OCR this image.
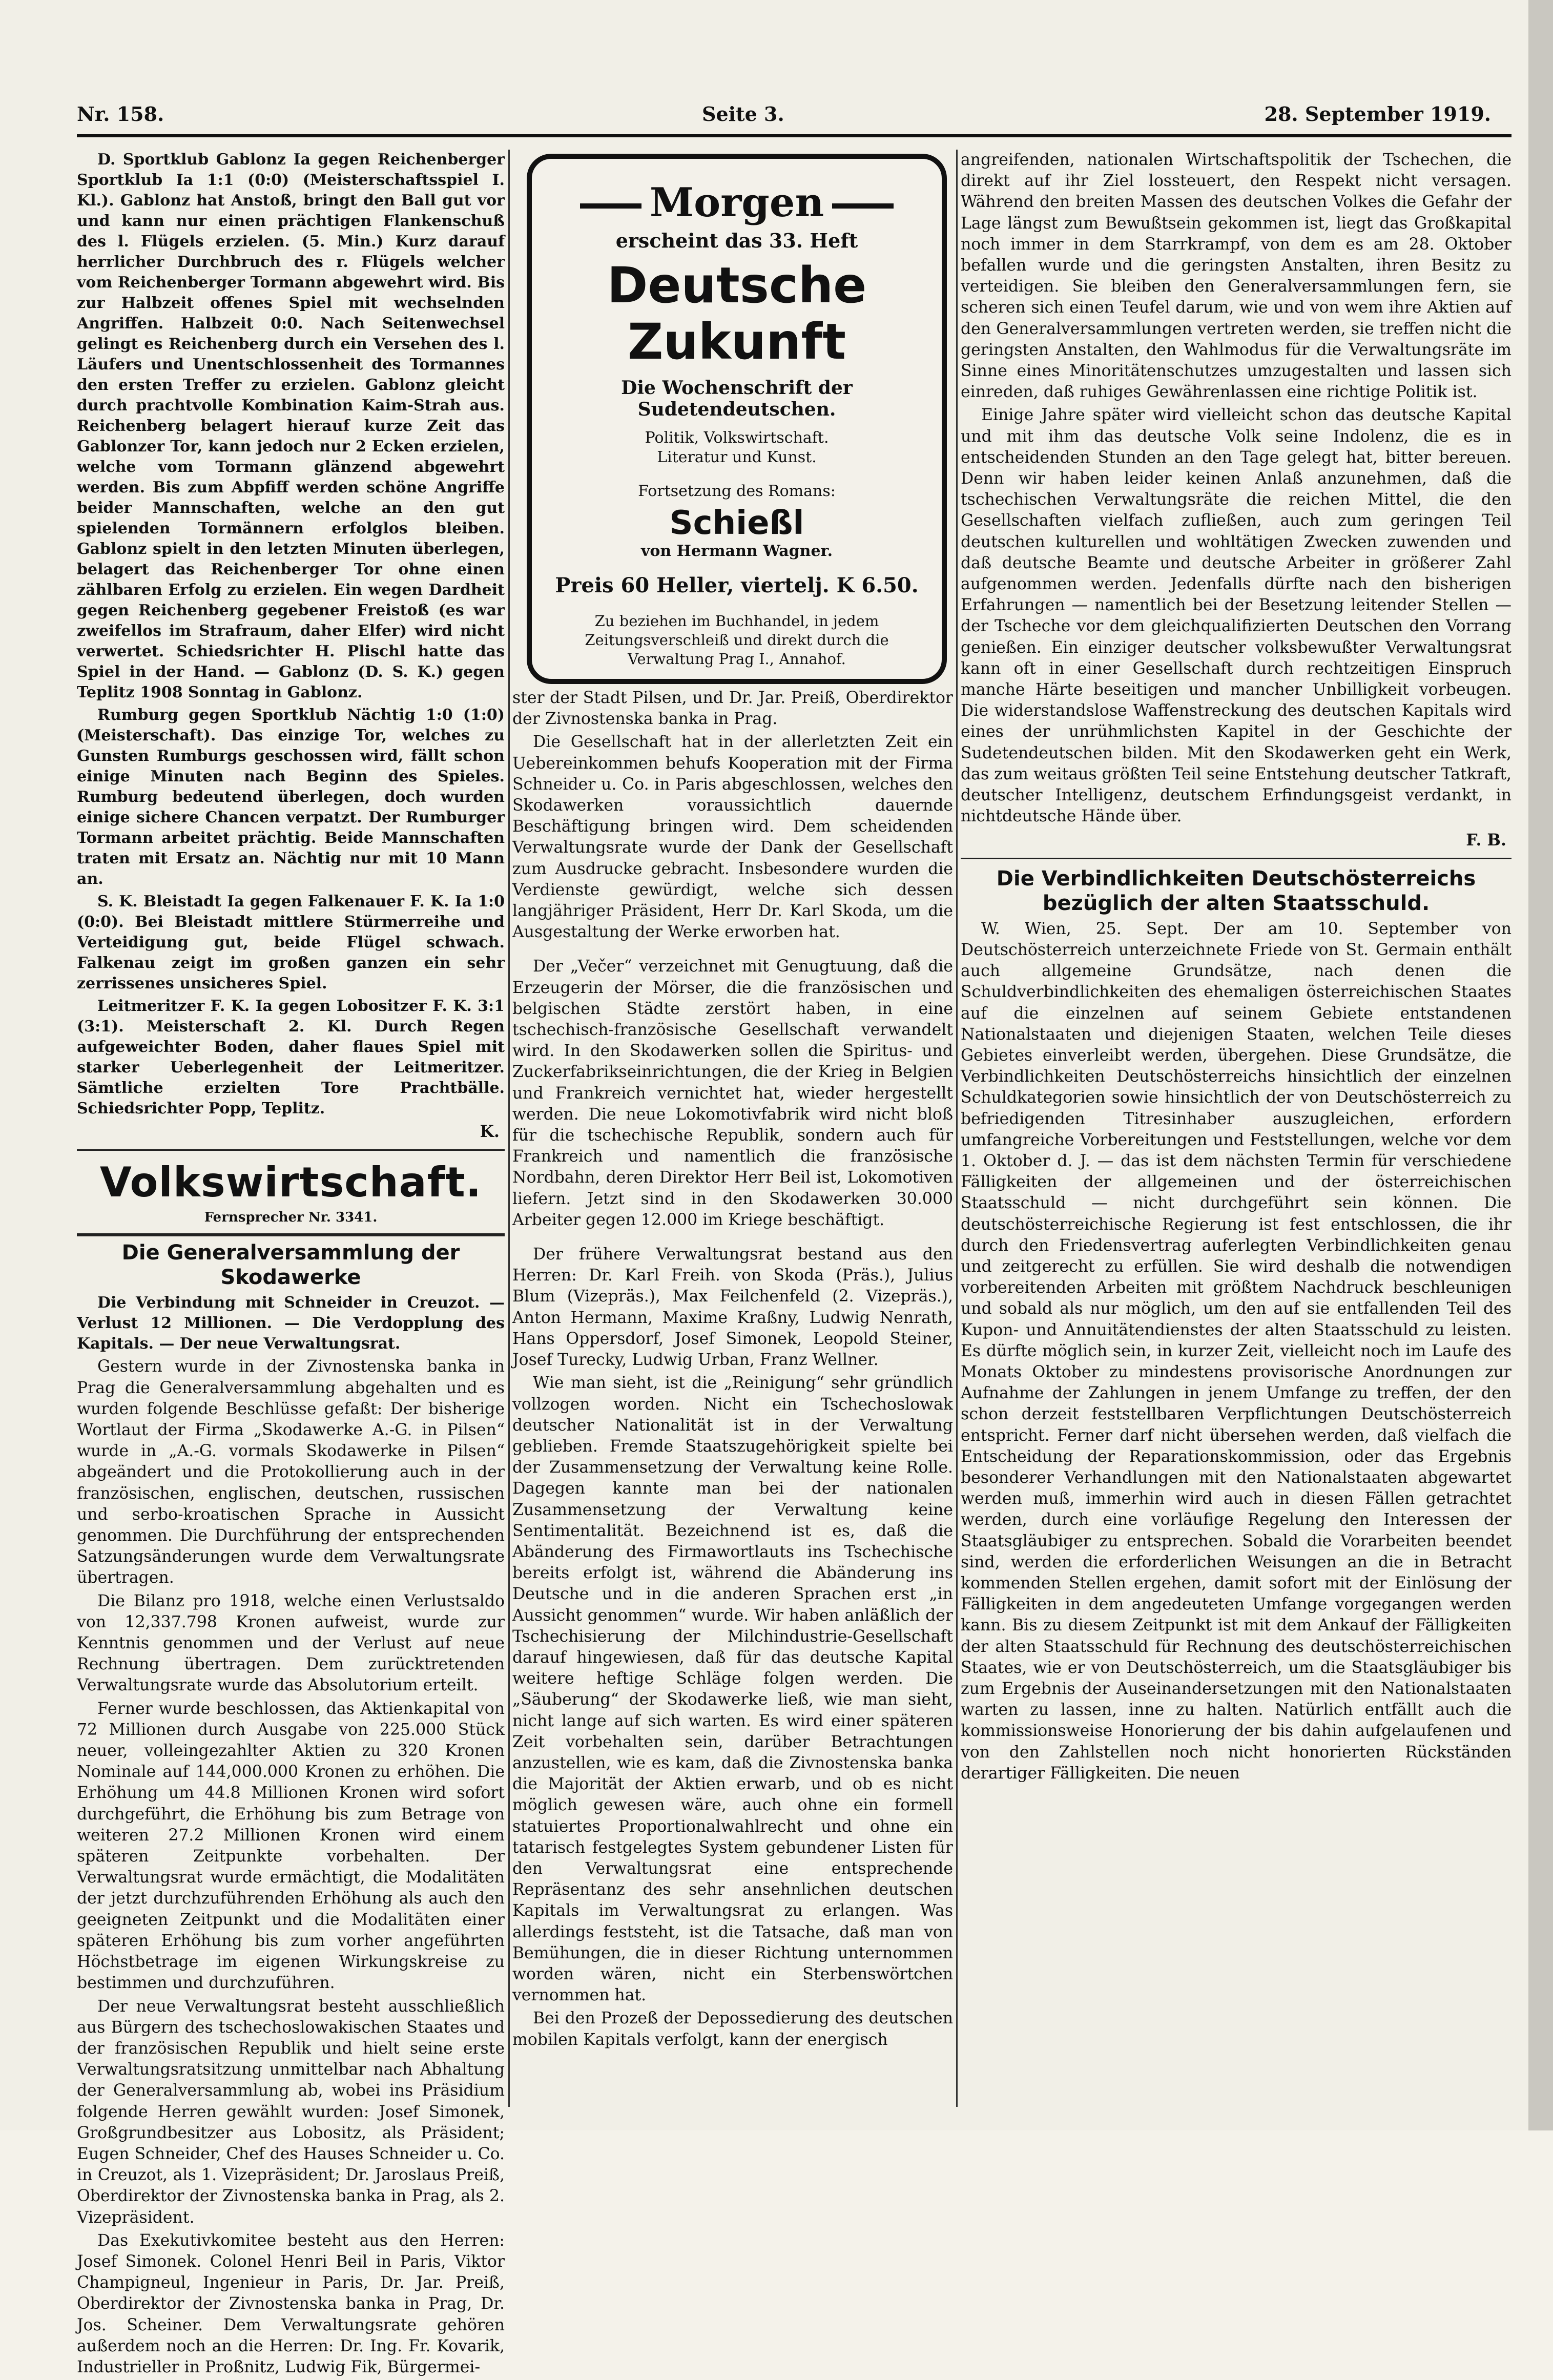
Nr. 158.	Seite 3.	28. September 1919.

D. Sportklub Gablonz Ia gegen Reichenberger Sportklub Ia 1:1 (0:0) (Meisterschaftsspiel I. Kl.). Gablonz hat Anstoß, bringt den Ball gut vor und kann nur einen prächtigen Flankenschuß des l. Flügels erzielen. (5. Min.) Kurz darauf herrlicher Durchbruch des r. Flügels welcher vom Reichenberger Tormann abgewehrt wird. Bis zur Halbzeit offenes Spiel mit wechselnden Angriffen. Halbzeit 0:0. Nach Seitenwechsel gelingt es Reichenberg durch ein Versehen des l. Läufers und Unentschlossenheit des Tormannes den ersten Treffer zu erzielen. Gablonz gleicht durch prachtvolle Kombination Kaim-Strah aus. Reichenberg belagert hierauf kurze Zeit das Gablonzer Tor, kann jedoch nur 2 Ecken erzielen, welche vom Tormann glänzend abgewehrt werden. Bis zum Abpfiff werden schöne Angriffe beider Mannschaften, welche an den gut spielenden Tormännern erfolglos bleiben. Gablonz spielt in den letzten Minuten überlegen, belagert das Reichenberger Tor ohne einen zählbaren Erfolg zu erzielen. Ein wegen Dardheit gegen Reichenberg gegebener Freistoß (es war zweifellos im Strafraum, daher Elfer) wird nicht verwertet. Schiedsrichter H. Plischl hatte das Spiel in der Hand. — Gablonz (D. S. K.) gegen Teplitz 1908 Sonntag in Gablonz.

Rumburg gegen Sportklub Nächtig 1:0 (1:0) (Meisterschaft). Das einzige Tor, welches zu Gunsten Rumburgs geschossen wird, fällt schon einige Minuten nach Beginn des Spieles. Rumburg bedeutend überlegen, doch wurden einige sichere Chancen verpatzt. Der Rumburger Tormann arbeitet prächtig. Beide Mannschaften traten mit Ersatz an. Nächtig nur mit 10 Mann an.

S. K. Bleistadt Ia gegen Falkenauer F. K. Ia 1:0 (0:0). Bei Bleistadt mittlere Stürmerreihe und Verteidigung gut, beide Flügel schwach. Falkenau zeigt im großen ganzen ein sehr zerrissenes unsicheres Spiel.

Leitmeritzer F. K. Ia gegen Lobositzer F. K. 3:1 (3:1). Meisterschaft 2. Kl. Durch Regen aufgeweichter Boden, daher flaues Spiel mit starker Ueberlegenheit der Leitmeritzer. Sämtliche erzielten Tore Prachtbälle. Schiedsrichter Popp, Teplitz.

K.
Volkswirtschaft.
Fernsprecher Nr. 3341.
Die Generalversammlung der Skodawerke

Die Verbindung mit Schneider in Creuzot. — Verlust 12 Millionen. — Die Verdopplung des Kapitals. — Der neue Verwaltungsrat.

Gestern wurde in der Zivnostenska banka in Prag die Generalversammlung abgehalten und es wurden folgende Beschlüsse gefaßt: Der bisherige Wortlaut der Firma „Skodawerke A.-G. in Pilsen“ wurde in „A.-G. vormals Skodawerke in Pilsen“ abgeändert und die Protokollierung auch in der französischen, englischen, deutschen, russischen und serbo-kroatischen Sprache in Aussicht genommen. Die Durchführung der entsprechenden Satzungsänderungen wurde dem Verwaltungsrate übertragen.

Die Bilanz pro 1918, welche einen Verlustsaldo von 12,337.798 Kronen aufweist, wurde zur Kenntnis genommen und der Verlust auf neue Rechnung übertragen. Dem zurücktretenden Verwaltungsrate wurde das Absolutorium erteilt.

Ferner wurde beschlossen, das Aktienkapital von 72 Millionen durch Ausgabe von 225.000 Stück neuer, volleingezahlter Aktien zu 320 Kronen Nominale auf 144,000.000 Kronen zu erhöhen. Die Erhöhung um 44.8 Millionen Kronen wird sofort durchgeführt, die Erhöhung bis zum Betrage von weiteren 27.2 Millionen Kronen wird einem späteren Zeitpunkte vorbehalten. Der Verwaltungsrat wurde ermächtigt, die Modalitäten der jetzt durchzuführenden Erhöhung als auch den geeigneten Zeitpunkt und die Modalitäten einer späteren Erhöhung bis zum vorher angeführten Höchstbetrage im eigenen Wirkungskreise zu bestimmen und durchzuführen.

Der neue Verwaltungsrat besteht ausschließlich aus Bürgern des tschechoslowakischen Staates und der französischen Republik und hielt seine erste Verwaltungsratsitzung unmittelbar nach Abhaltung der Generalversammlung ab, wobei ins Präsidium folgende Herren gewählt wurden: Josef Simonek, Großgrundbesitzer aus Lobositz, als Präsident; Eugen Schneider, Chef des Hauses Schneider u. Co. in Creuzot, als 1. Vizepräsident; Dr. Jaroslaus Preiß, Oberdirektor der Zivnostenska banka in Prag, als 2. Vizepräsident.

Das Exekutivkomitee besteht aus den Herren: Josef Simonek. Colonel Henri Beil in Paris, Viktor Champigneul, Ingenieur in Paris, Dr. Jar. Preiß, Oberdirektor der Zivnostenska banka in Prag, Dr. Jos. Scheiner. Dem Verwaltungsrate gehören außerdem noch an die Herren: Dr. Ing. Fr. Kovarik, Industrieller in Proßnitz, Ludwig Fik, Bürgermei-

Morgen
erscheint das 33. Heft
Deutsche Zukunft
Die Wochenschrift der Sudetendeutschen.
Politik, Volkswirtschaft.
Literatur und Kunst.
Fortsetzung des Romans:
Schießl
von Hermann Wagner.
Preis 60 Heller, viertelj. K 6.50.
Zu beziehen im Buchhandel, in jedem Zeitungsverschleiß und direkt durch die Verwaltung Prag I., Annahof.

ster der Stadt Pilsen, und Dr. Jar. Preiß, Oberdirektor der Zivnostenska banka in Prag.

Die Gesellschaft hat in der allerletzten Zeit ein Uebereinkommen behufs Kooperation mit der Firma Schneider u. Co. in Paris abgeschlossen, welches den Skodawerken voraussichtlich dauernde Beschäftigung bringen wird. Dem scheidenden Verwaltungsrate wurde der Dank der Gesellschaft zum Ausdrucke gebracht. Insbesondere wurden die Verdienste gewürdigt, welche sich dessen langjähriger Präsident, Herr Dr. Karl Skoda, um die Ausgestaltung der Werke erworben hat.

Der „Večer“ verzeichnet mit Genugtuung, daß die Erzeugerin der Mörser, die die französischen und belgischen Städte zerstört haben, in eine tschechisch-französische Gesellschaft verwandelt wird. In den Skodawerken sollen die Spiritus- und Zuckerfabrikseinrichtungen, die der Krieg in Belgien und Frankreich vernichtet hat, wieder hergestellt werden. Die neue Lokomotivfabrik wird nicht bloß für die tschechische Republik, sondern auch für Frankreich und namentlich die französische Nordbahn, deren Direktor Herr Beil ist, Lokomotiven liefern. Jetzt sind in den Skodawerken 30.000 Arbeiter gegen 12.000 im Kriege beschäftigt.

Der frühere Verwaltungsrat bestand aus den Herren: Dr. Karl Freih. von Skoda (Präs.), Julius Blum (Vizepräs.), Max Feilchenfeld (2. Vizepräs.), Anton Hermann, Maxime Kraßny, Ludwig Nenrath, Hans Oppersdorf, Josef Simonek, Leopold Steiner, Josef Turecky, Ludwig Urban, Franz Wellner.

Wie man sieht, ist die „Reinigung“ sehr gründlich vollzogen worden. Nicht ein Tschechoslowak deutscher Nationalität ist in der Verwaltung geblieben. Fremde Staatszugehörigkeit spielte bei der Zusammensetzung der Verwaltung keine Rolle. Dagegen kannte man bei der nationalen Zusammensetzung der Verwaltung keine Sentimentalität. Bezeichnend ist es, daß die Abänderung des Firmawortlauts ins Tschechische bereits erfolgt ist, während die Abänderung ins Deutsche und in die anderen Sprachen erst „in Aussicht genommen“ wurde. Wir haben anläßlich der Tschechisierung der Milchindustrie-Gesellschaft darauf hingewiesen, daß für das deutsche Kapital weitere heftige Schläge folgen werden. Die „Säuberung“ der Skodawerke ließ, wie man sieht, nicht lange auf sich warten. Es wird einer späteren Zeit vorbehalten sein, darüber Betrachtungen anzustellen, wie es kam, daß die Zivnostenska banka die Majorität der Aktien erwarb, und ob es nicht möglich gewesen wäre, auch ohne ein formell statuiertes Proportionalwahlrecht und ohne ein tatarisch festgelegtes System gebundener Listen für den Verwaltungsrat eine entsprechende Repräsentanz des sehr ansehnlichen deutschen Kapitals im Verwaltungsrat zu erlangen. Was allerdings feststeht, ist die Tatsache, daß man von Bemühungen, die in dieser Richtung unternommen worden wären, nicht ein Sterbenswörtchen vernommen hat.

Bei den Prozeß der Depossedierung des deutschen mobilen Kapitals verfolgt, kann der energisch

angreifenden, nationalen Wirtschaftspolitik der Tschechen, die direkt auf ihr Ziel lossteuert, den Respekt nicht versagen. Während den breiten Massen des deutschen Volkes die Gefahr der Lage längst zum Bewußtsein gekommen ist, liegt das Großkapital noch immer in dem Starrkrampf, von dem es am 28. Oktober befallen wurde und die geringsten Anstalten, ihren Besitz zu verteidigen. Sie bleiben den Generalversammlungen fern, sie scheren sich einen Teufel darum, wie und von wem ihre Aktien auf den Generalversammlungen vertreten werden, sie treffen nicht die geringsten Anstalten, den Wahlmodus für die Verwaltungsräte im Sinne eines Minoritätenschutzes umzugestalten und lassen sich einreden, daß ruhiges Gewährenlassen eine richtige Politik ist.

Einige Jahre später wird vielleicht schon das deutsche Kapital und mit ihm das deutsche Volk seine Indolenz, die es in entscheidenden Stunden an den Tage gelegt hat, bitter bereuen. Denn wir haben leider keinen Anlaß anzunehmen, daß die tschechischen Verwaltungsräte die reichen Mittel, die den Gesellschaften vielfach zufließen, auch zum geringen Teil deutschen kulturellen und wohltätigen Zwecken zuwenden und daß deutsche Beamte und deutsche Arbeiter in größerer Zahl aufgenommen werden. Jedenfalls dürfte nach den bisherigen Erfahrungen — namentlich bei der Besetzung leitender Stellen — der Tscheche vor dem gleichqualifizierten Deutschen den Vorrang genießen. Ein einziger deutscher volksbewußter Verwaltungsrat kann oft in einer Gesellschaft durch rechtzeitigen Einspruch manche Härte beseitigen und mancher Unbilligkeit vorbeugen. Die widerstandslose Waffenstreckung des deutschen Kapitals wird eines der unrühmlichsten Kapitel in der Geschichte der Sudetendeutschen bilden. Mit den Skodawerken geht ein Werk, das zum weitaus größten Teil seine Entstehung deutscher Tatkraft, deutscher Intelligenz, deutschem Erfindungsgeist verdankt, in nichtdeutsche Hände über.

F. B.
Die Verbindlichkeiten Deutschösterreichs bezüglich der alten Staatsschuld.

W. Wien, 25. Sept. Der am 10. September von Deutschösterreich unterzeichnete Friede von St. Germain enthält auch allgemeine Grundsätze, nach denen die Schuldverbindlichkeiten des ehemaligen österreichischen Staates auf die einzelnen auf seinem Gebiete entstandenen Nationalstaaten und diejenigen Staaten, welchen Teile dieses Gebietes einverleibt werden, übergehen. Diese Grundsätze, die Verbindlichkeiten Deutschösterreichs hinsichtlich der einzelnen Schuldkategorien sowie hinsichtlich der von Deutschösterreich zu befriedigenden Titresinhaber auszugleichen, erfordern umfangreiche Vorbereitungen und Feststellungen, welche vor dem 1. Oktober d. J. — das ist dem nächsten Termin für verschiedene Fälligkeiten der allgemeinen und der österreichischen Staatsschuld — nicht durchgeführt sein können. Die deutschösterreichische Regierung ist fest entschlossen, die ihr durch den Friedensvertrag auferlegten Verbindlichkeiten genau und zeitgerecht zu erfüllen. Sie wird deshalb die notwendigen vorbereitenden Arbeiten mit größtem Nachdruck beschleunigen und sobald als nur möglich, um den auf sie entfallenden Teil des Kupon- und Annuitätendienstes der alten Staatsschuld zu leisten. Es dürfte möglich sein, in kurzer Zeit, vielleicht noch im Laufe des Monats Oktober zu mindestens provisorische Anordnungen zur Aufnahme der Zahlungen in jenem Umfange zu treffen, der den schon derzeit feststellbaren Verpflichtungen Deutschösterreich entspricht. Ferner darf nicht übersehen werden, daß vielfach die Entscheidung der Reparationskommission, oder das Ergebnis besonderer Verhandlungen mit den Nationalstaaten abgewartet werden muß, immerhin wird auch in diesen Fällen getrachtet werden, durch eine vorläufige Regelung den Interessen der Staatsgläubiger zu entsprechen. Sobald die Vorarbeiten beendet sind, werden die erforderlichen Weisungen an die in Betracht kommenden Stellen ergehen, damit sofort mit der Einlösung der Fälligkeiten in dem angedeuteten Umfange vorgegangen werden kann. Bis zu diesem Zeitpunkt ist mit dem Ankauf der Fälligkeiten der alten Staatsschuld für Rechnung des deutschösterreichischen Staates, wie er von Deutschösterreich, um die Staatsgläubiger bis zum Ergebnis der Auseinandersetzungen mit den Nationalstaaten warten zu lassen, inne zu halten. Natürlich entfällt auch die kommissionsweise Honorierung der bis dahin aufgelaufenen und von den Zahlstellen noch nicht honorierten Rückständen derartiger Fälligkeiten. Die neuen
